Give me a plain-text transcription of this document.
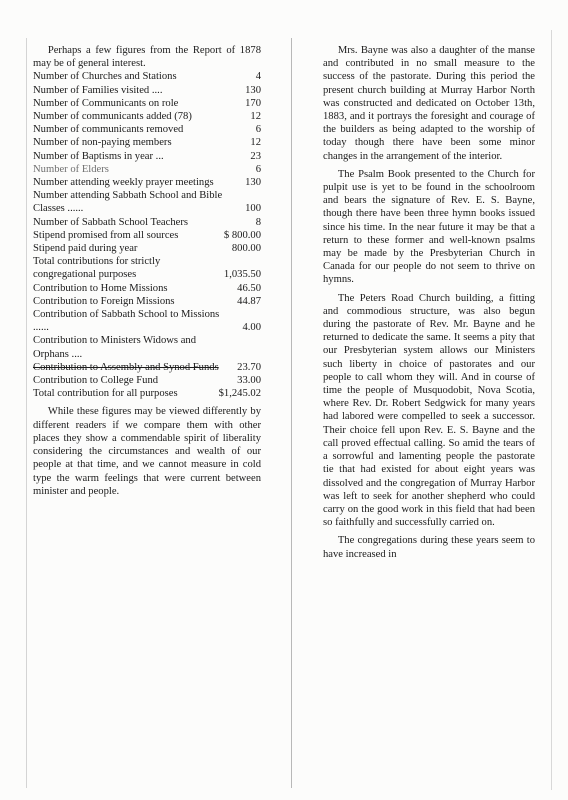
Perhaps a few figures from the Report of 1878 may be of general interest.

Number of Churches and Stations	4
Number of Families visited ....	130
Number of Communicants on role	170
Number of communicants added (78)	12
Number of communicants removed	6
Number of non-paying members	12
Number of Baptisms in year ...	23
Number of Elders	6
Number attending weekly prayer meetings	130
Number attending Sabbath School and Bible Classes ......	100
Number of Sabbath School Teachers	8
Stipend promised from all sources	$ 800.00
Stipend paid during year	800.00
Total contributions for strictly congregational purposes	1,035.50
Contribution to Home Missions	46.50
Contribution to Foreign Missions	44.87
Contribution of Sabbath School to Missions ......	4.00
Contribution to Ministers Widows and Orphans ....
Contribution to Assembly and Synod Funds	23.70
Contribution to College Fund	33.00
Total contribution for all purposes	$1,245.02

While these figures may be viewed differently by different readers if we compare them with other places they show a commendable spirit of liberality considering the circumstances and wealth of our people at that time, and we cannot measure in cold type the warm feelings that were current between minister and people.

Mrs. Bayne was also a daughter of the manse and contributed in no small measure to the success of the pastorate. During this period the present church building at Murray Harbor North was constructed and dedicated on October 13th, 1883, and it portrays the foresight and courage of the builders as being adapted to the worship of today though there have been some minor changes in the arrangement of the interior.

The Psalm Book presented to the Church for pulpit use is yet to be found in the schoolroom and bears the signature of Rev. E. S. Bayne, though there have been three hymn books issued since his time. In the near future it may be that a return to these former and well-known psalms may be made by the Presbyterian Church in Canada for our people do not seem to thrive on hymns.

The Peters Road Church building, a fitting and commodious structure, was also begun during the pastorate of Rev. Mr. Bayne and he returned to dedicate the same. It seems a pity that our Presbyterian system allows our Ministers such liberty in choice of pastorates and our people to call whom they will. And in course of time the people of Musquodobit, Nova Scotia, where Rev. Dr. Robert Sedgwick for many years had labored were compelled to seek a successor. Their choice fell upon Rev. E. S. Bayne and the call proved effectual calling. So amid the tears of a sorrowful and lamenting people the pastorate tie that had existed for about eight years was dissolved and the congregation of Murray Harbor was left to seek for another shepherd who could carry on the good work in this field that had been so faithfully and successfully carried on.

The congregations during these years seem to have increased in
